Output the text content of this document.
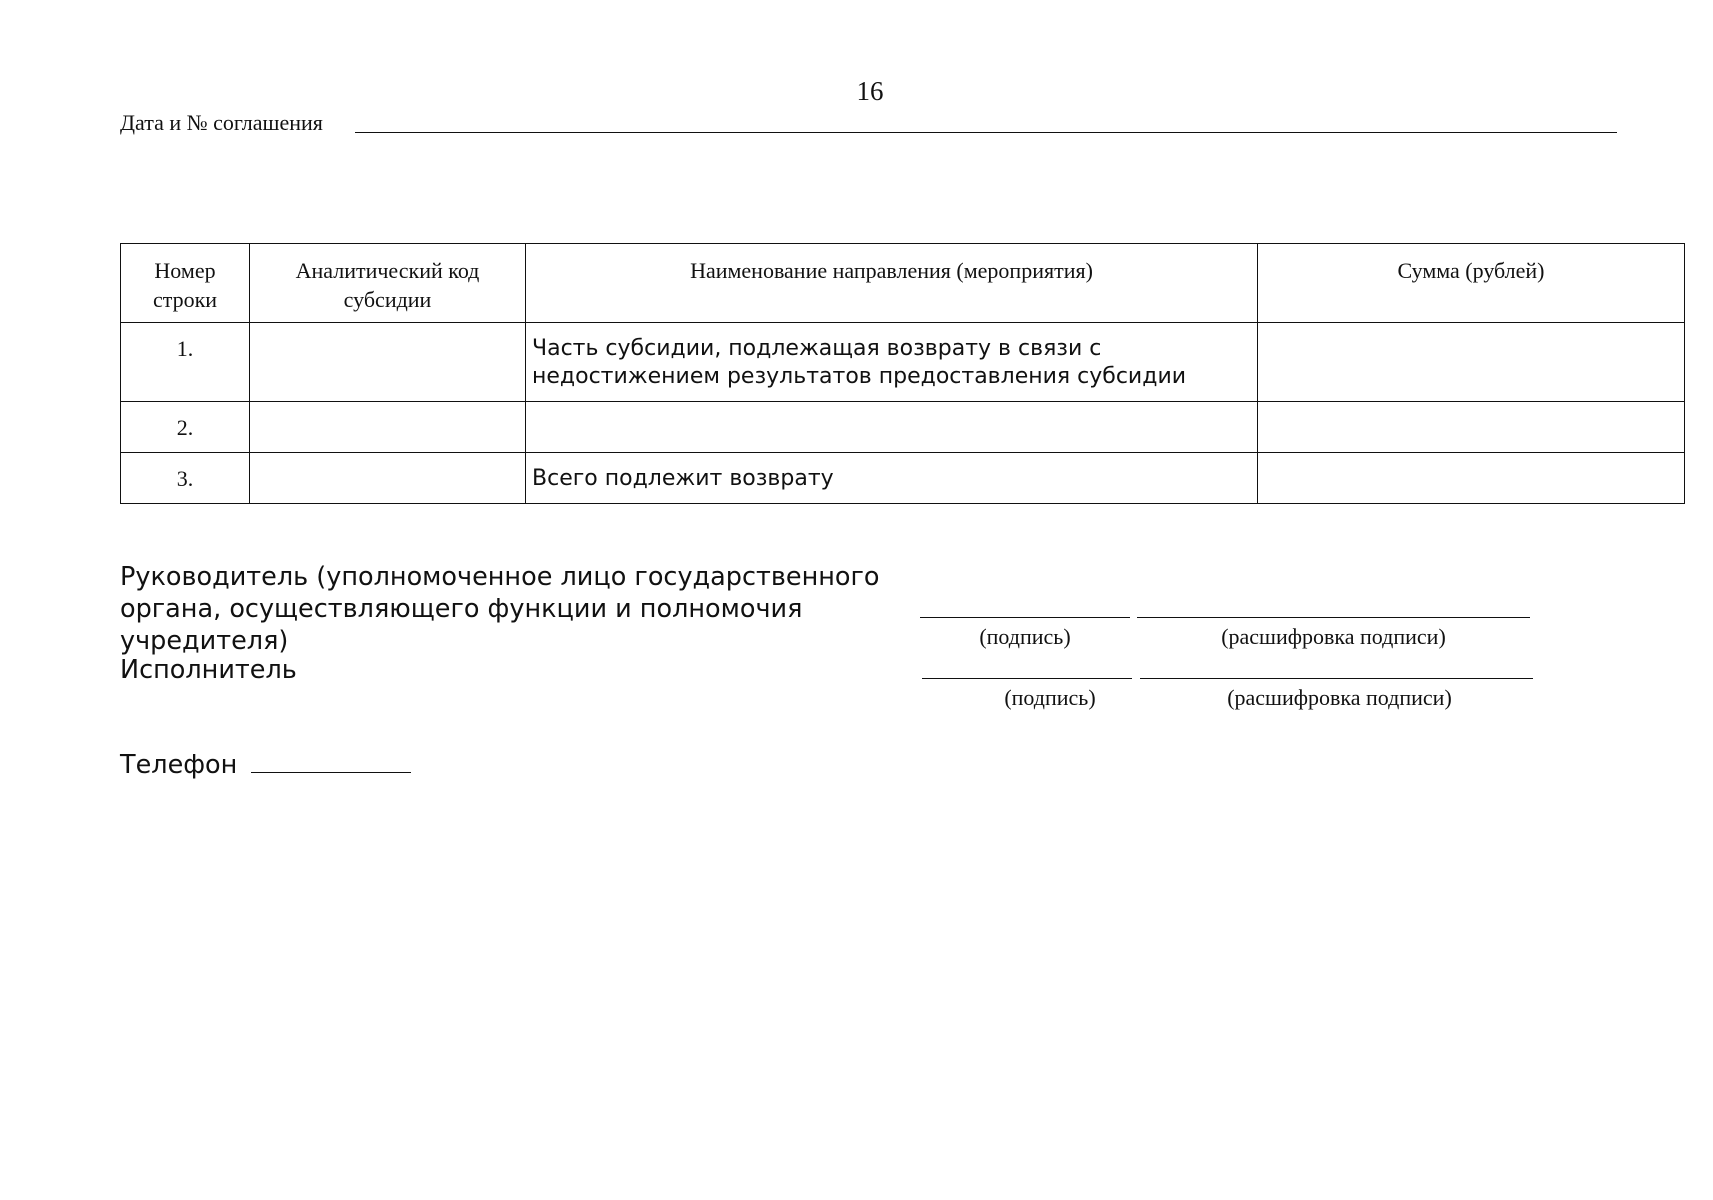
16
Дата и № соглашения
Номер строки	Аналитический код субсидии	Наименование направления (мероприятия)	Сумма (рублей)
1.		Часть субсидии, подлежащая возврату в связи с недостижением результатов предоставления субсидии	
2.			
3.		Всего подлежит возврату	
Руководитель (уполномоченное лицо государственного органа, осуществляющего функции и полномочия учредителя)	(подпись)	(расшифровка подписи)
Исполнитель
(подпись)	(расшифровка подписи)
Телефон
